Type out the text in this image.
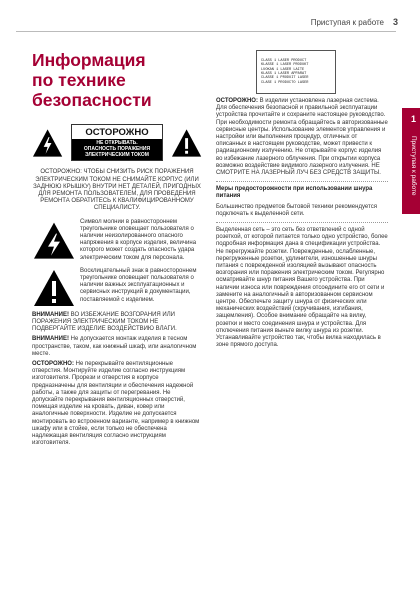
Приступая к работе 3
1
Приступая к работе
Информация
по технике
безопасности
ОСТОРОЖНО
НЕ ОТКРЫВАТЬ.
ОПАСНОСТЬ ПОРАЖЕНИЯ
ЭЛЕКТРИЧЕСКИМ ТОКОМ

ОСТОРОЖНО: ЧТОБЫ СНИЗИТЬ РИСК ПОРАЖЕНИЯ ЭЛЕКТРИЧЕСКИМ ТОКОМ НЕ СНИМАЙТЕ КОРПУС (ИЛИ ЗАДНЮЮ КРЫШКУ) ВНУТРИ НЕТ ДЕТАЛЕЙ, ПРИГОДНЫХ ДЛЯ РЕМОНТА ПОЛЬЗОВАТЕЛЕМ, ДЛЯ ПРОВЕДЕНИЯ РЕМОНТА ОБРАТИТЕСЬ К КВАЛИФИЦИРОВАННОМУ СПЕЦИАЛИСТУ.

Символ молнии в равностороннем треугольнике оповещает пользователя о наличии неизолированного опасного напряжения в корпусе изделия, величина которого может создать опасность удара электрическим током для персонала.

Восклицательный знак в равностороннем треугольнике оповещает пользователя о наличии важных эксплуатационных и сервисных инструкций в документации, поставляемой с изделием.

ВНИМАНИЕ! ВО ИЗБЕЖАНИЕ ВОЗГОРАНИЯ ИЛИ ПОРАЖЕНИЯ ЭЛЕКТРИЧЕСКИМ ТОКОМ НЕ ПОДВЕРГАЙТЕ ИЗДЕЛИЕ ВОЗДЕЙСТВИЮ ВЛАГИ.

ВНИМАНИЕ! Не допускается монтаж изделия в тесном пространстве, таком, как книжный шкаф, или аналогичном месте.

ОСТОРОЖНО: Не перекрывайте вентиляционные отверстия. Монтируйте изделие согласно инструкциям изготовителя. Прорези и отверстия в корпусе предназначены для вентиляции и обеспечения надежной работы, а также для защиты от перегревания. Не допускайте перекрывания вентиляционных отверстий, помещая изделие на кровать, диван, ковер или аналогичные поверхности. Изделие не допускается монтировать во встроенном варианте, например в книжном шкафу или в стойке, если только не обеспечена надлежащая вентиляция согласно инструкциям изготовителя.

CLASS 1 LASER PRODUCT
KLASSE 1 LASER PRODUKT
LUOKAN 1 LASER LAITE
KLASS 1 LASER APPARAT
CLASSE 1 PRODUIT LASER
CLASE 1 PRODUCTO LASER

ОСТОРОЖНО: В изделии установлена лазерная система. Для обеспечения безопасной и правильной эксплуатации устройства прочитайте и сохраните настоящее руководство. При необходимости ремонта обращайтесь в авторизованные сервисные центры. Использование элементов управления и настройки или выполнения процедур, отличных от описанных в настоящем руководстве, может привести к радиационному излучению. Не открывайте корпус изделия во избежание лазерного облучения. При открытии корпуса возможно воздействие видимого лазерного излучения. НЕ СМОТРИТЕ НА ЛАЗЕРНЫЙ ЛУЧ БЕЗ СРЕДСТВ ЗАЩИТЫ.

Меры предосторожности при использовании шнура питания

Большинство предметов бытовой техники рекомендуется подключать к выделенной сети.

Выделенная сеть – это сеть без ответвлений с одной розеткой, от которой питается только одно устройство, более подробная информация дана в спецификации устройства. Не перегружайте розетки. Поврежденные, ослабленные, перегруженные розетки, удлинители, изношенные шнуры питания с поврежденной изоляцией вызывают опасность возгорания или поражения электрическим током. Регулярно осматривайте шнур питания Вашего устройства. При наличии износа или повреждения отсоедините его от сети и замените на аналогичный в авторизованном сервисном центре. Обеспечьте защиту шнура от физических или механических воздействий (скручивания, изгибания, защемления). Особое внимание обращайте на вилку, розетки и место соединения шнура и устройства. Для отключения питания выньте вилку шнура из розетки. Устанавливайте устройство так, чтобы вилка находилась в зоне прямого доступа.
